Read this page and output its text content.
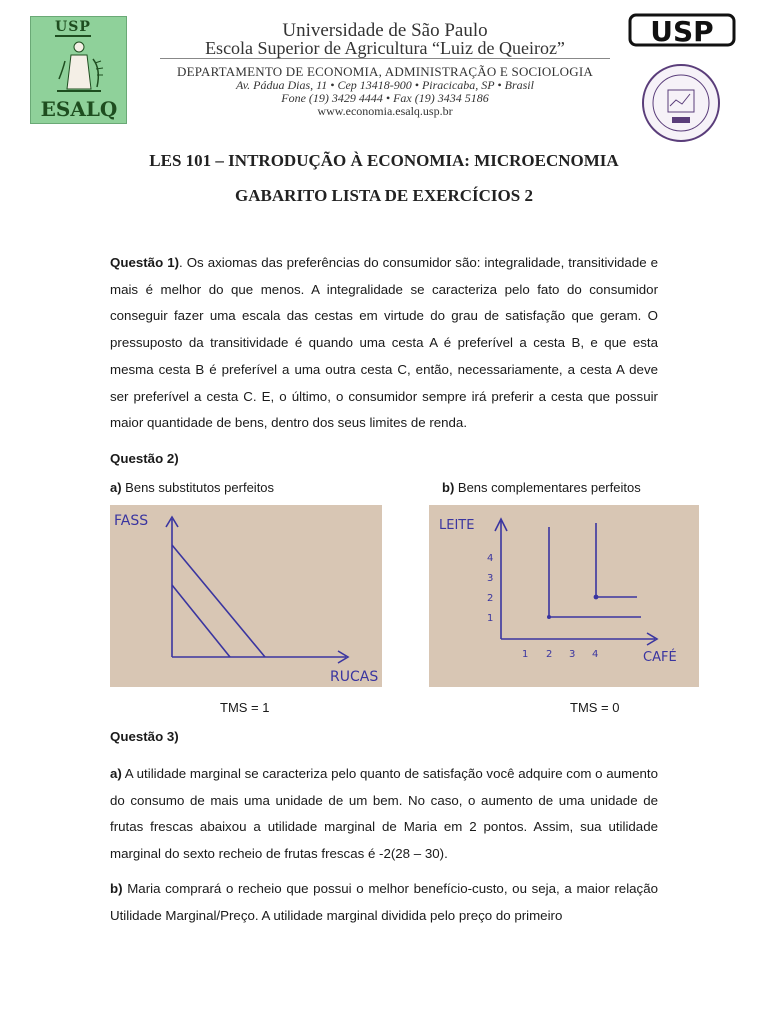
USP
ESALQ
Universidade de São Paulo
Escola Superior de Agricultura “Luiz de Queiroz”
DEPARTAMENTO DE ECONOMIA, ADMINISTRAÇÃO E SOCIOLOGIA
Av. Pádua Dias, 11 • Cep 13418-900 • Piracicaba, SP • Brasil
Fone (19) 3429 4444 • Fax (19) 3434 5186
www.economia.esalq.usp.br
USP
LES 101 – INTRODUÇÃO À ECONOMIA: MICROECNOMIA
GABARITO LISTA DE EXERCÍCIOS 2
Questão 1). Os axiomas das preferências do consumidor são: integralidade, transitividade e mais é melhor do que menos. A integralidade se caracteriza pelo fato do consumidor conseguir fazer uma escala das cestas em virtude do grau de satisfação que geram. O pressuposto da transitividade é quando uma cesta A é preferível a cesta B, e que esta mesma cesta B é preferível a uma outra cesta C, então, necessariamente, a cesta A deve ser preferível a cesta C. E, o último, o consumidor sempre irá preferir a cesta que possuir maior quantidade de bens, dentro dos seus limites de renda.
Questão 2)
a) Bens substitutos perfeitos	b) Bens complementares perfeitos
FASS
RUCAS
1
2
3
4
1 2 3 4
LEITE
CAFÉ
TMS = 1	TMS = 0
Questão 3)
a) A utilidade marginal se caracteriza pelo quanto de satisfação você adquire com o aumento do consumo de mais uma unidade de um bem. No caso, o aumento de uma unidade de frutas frescas abaixou a utilidade marginal de Maria em 2 pontos. Assim, sua utilidade marginal do sexto recheio de frutas frescas é -2(28 – 30).
b) Maria comprará o recheio que possui o melhor benefício-custo, ou seja, a maior relação Utilidade Marginal/Preço. A utilidade marginal dividida pelo preço do primeiro
